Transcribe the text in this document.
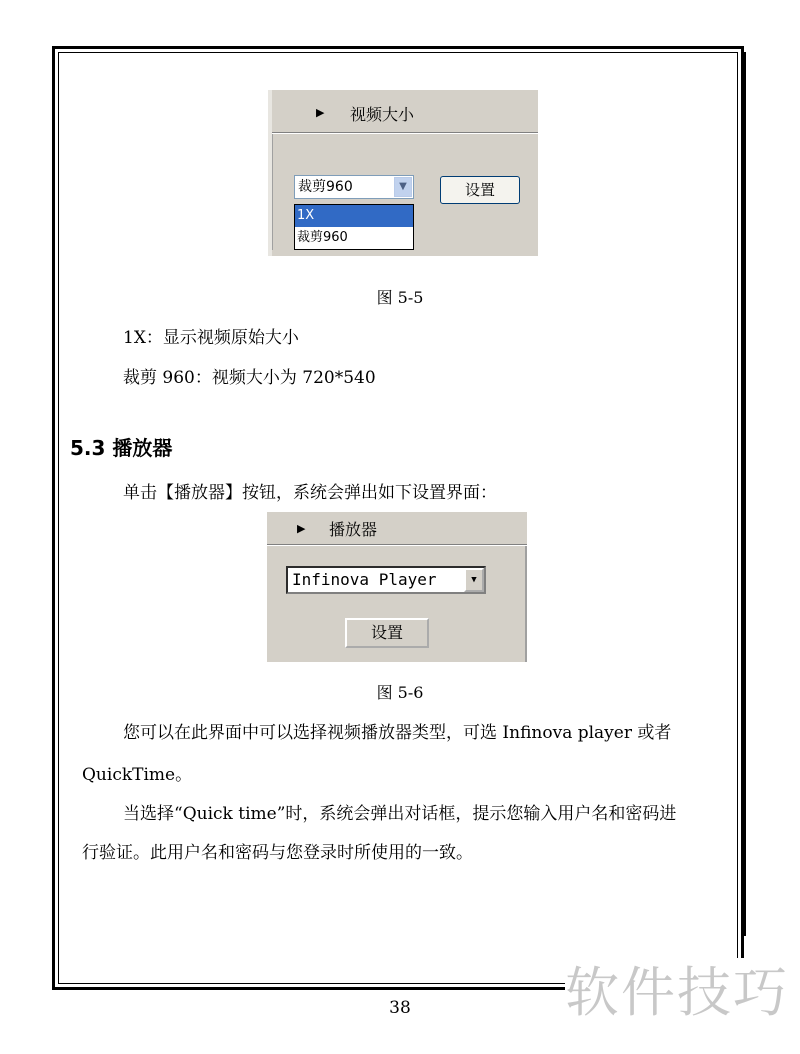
▶ 视频大小
裁剪960	▼	设置
1X
裁剪960
图 5-5
1X：显示视频原始大小
裁剪 960：视频大小为 720*540
5.3 播放器
单击【播放器】按钮，系统会弹出如下设置界面：
▶ 播放器
Infinova Player	▼
设置
图 5-6
您可以在此界面中可以选择视频播放器类型，可选 Infinova player 或者
QuickTime。
当选择“Quick time”时，系统会弹出对话框，提示您输入用户名和密码进
行验证。此用户名和密码与您登录时所使用的一致。
软件技巧
38
